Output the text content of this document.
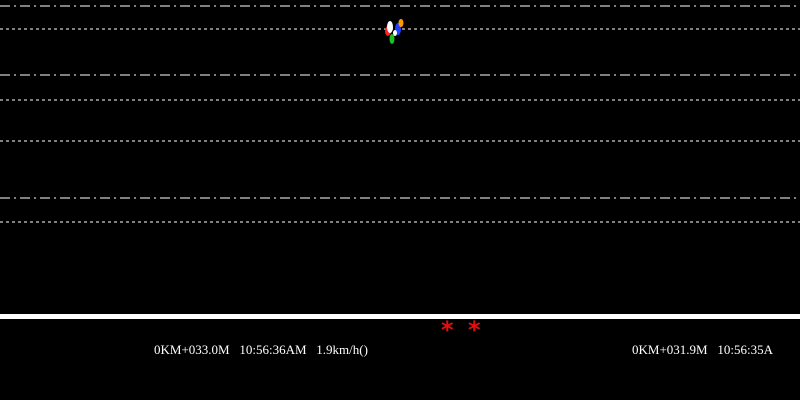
* *
0KM+033.0M 10:56:36AM 1.9km/h()	0KM+031.9M 10:56:35A
